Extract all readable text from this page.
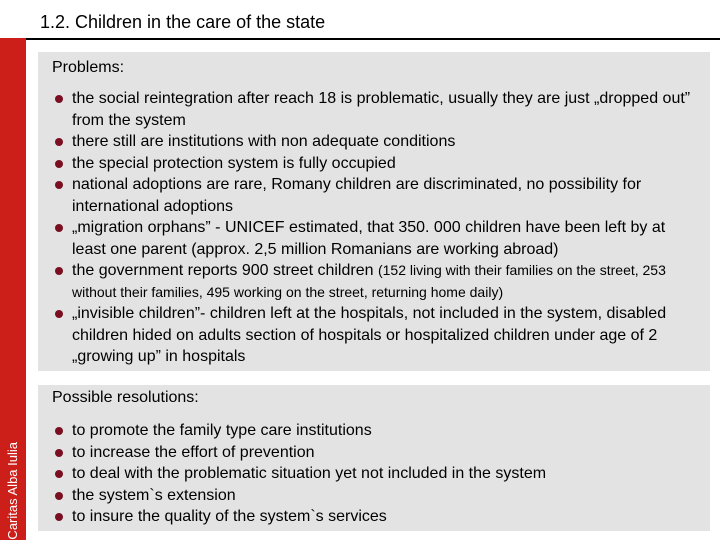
1.2. Children in the care of the state
Caritas Alba Iulia
Problems:
the social reintegration after reach 18 is problematic, usually they are just „dropped out” from the system
there still are institutions with non adequate conditions
the special protection system is fully occupied
national adoptions are rare, Romany children are discriminated, no possibility for international adoptions
„migration orphans” - UNICEF estimated, that 350. 000 children have been left by at least one parent (approx. 2,5 million Romanians are working abroad)
the government reports 900 street children (152 living with their families on the street, 253 without their families, 495 working on the street, returning home daily)
„invisible children”- children left at the hospitals, not included in the system, disabled children hided on adults section of hospitals or hospitalized children under age of 2 „growing up” in hospitals
Possible resolutions:
to promote the family type care institutions
to increase the effort of prevention
to deal with the problematic situation yet not included in the system
the system`s extension
to insure the quality of the system`s services
